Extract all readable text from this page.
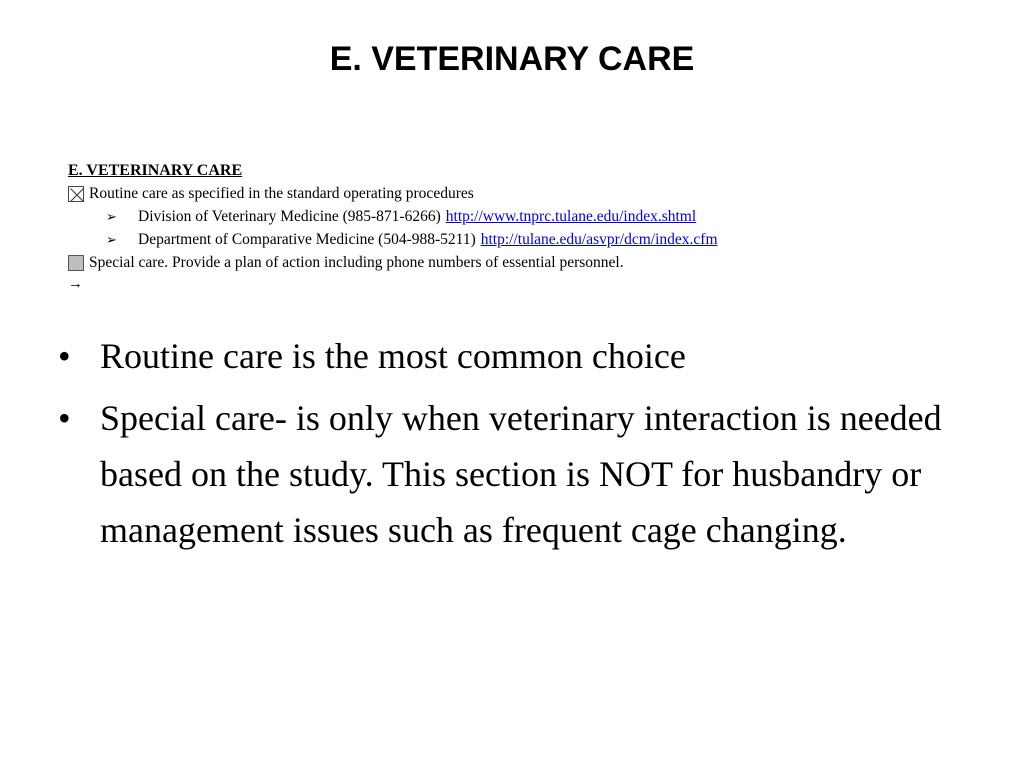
E. VETERINARY CARE
E. VETERINARY CARE
Routine care as specified in the standard operating procedures
➢	Division of Veterinary Medicine (985-871-6266) http://www.tnprc.tulane.edu/index.shtml
➢	Department of Comparative Medicine (504-988-5211) http://tulane.edu/asvpr/dcm/index.cfm
Special care. Provide a plan of action including phone numbers of essential personnel.
→
• Routine care is the most common choice
• Special care- is only when veterinary interaction is needed based on the study. This section is NOT for husbandry or management issues such as frequent cage changing.
